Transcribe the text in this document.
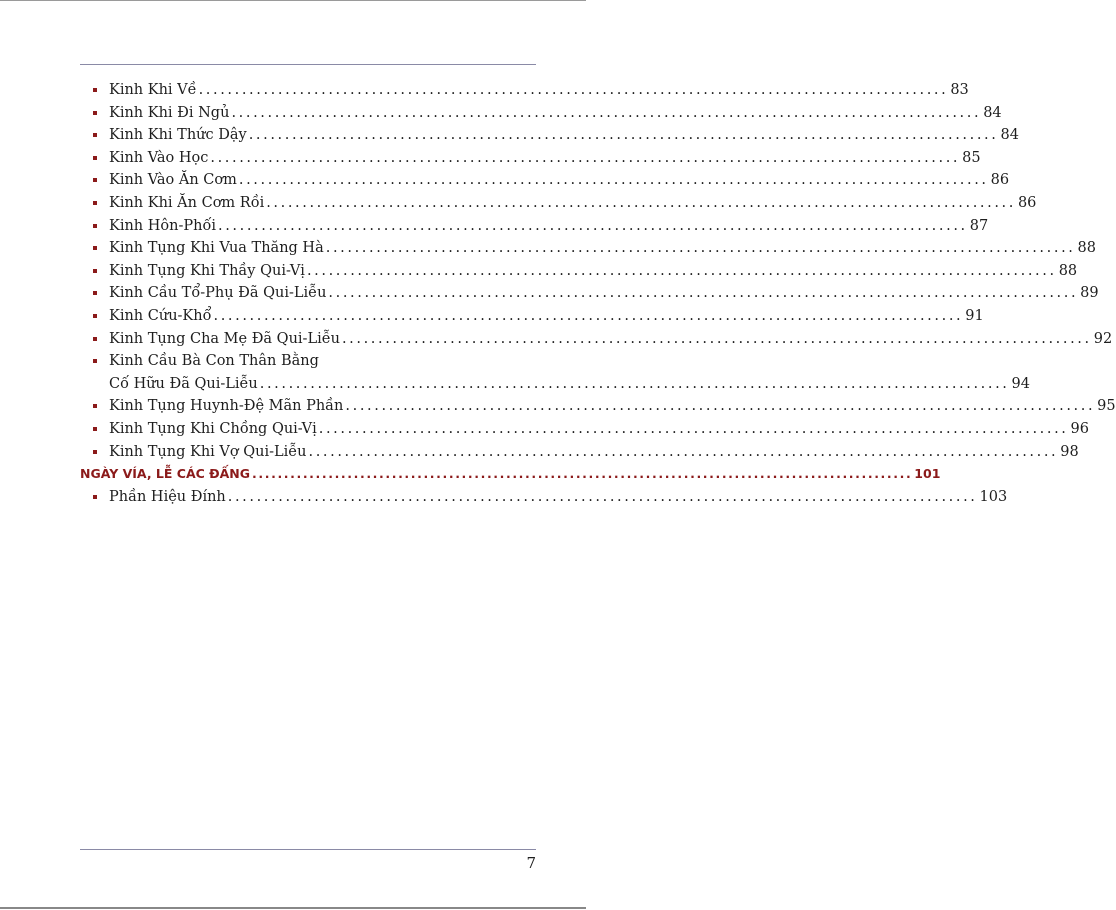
Kinh Khi Về ........................................................................................................ 83
Kinh Khi Đi Ngủ ........................................................................................................ 84
Kinh Khi Thức Dậy ........................................................................................................ 84
Kinh Vào Học ........................................................................................................ 85
Kinh Vào Ăn Cơm ........................................................................................................ 86
Kinh Khi Ăn Cơm Rồi ........................................................................................................ 86
Kinh Hôn-Phối ........................................................................................................ 87
Kinh Tụng Khi Vua Thăng Hà ........................................................................................................ 88
Kinh Tụng Khi Thầy Qui-Vị ........................................................................................................ 88
Kinh Cầu Tổ-Phụ Đã Qui-Liễu ........................................................................................................ 89
Kinh Cứu-Khổ ........................................................................................................ 91
Kinh Tụng Cha Mẹ Đã Qui-Liễu ........................................................................................................ 92
Kinh Cầu Bà Con Thân Bằng
Cố Hữu Đã Qui-Liễu ........................................................................................................ 94
Kinh Tụng Huynh-Đệ Mãn Phần ........................................................................................................ 95
Kinh Tụng Khi Chồng Qui-Vị ........................................................................................................ 96
Kinh Tụng Khi Vợ Qui-Liễu ........................................................................................................ 98
NGÀY VÍA, LỄ CÁC ĐẤNG ........................................................................................................ 101
Phần Hiệu Đính ........................................................................................................ 103
7
